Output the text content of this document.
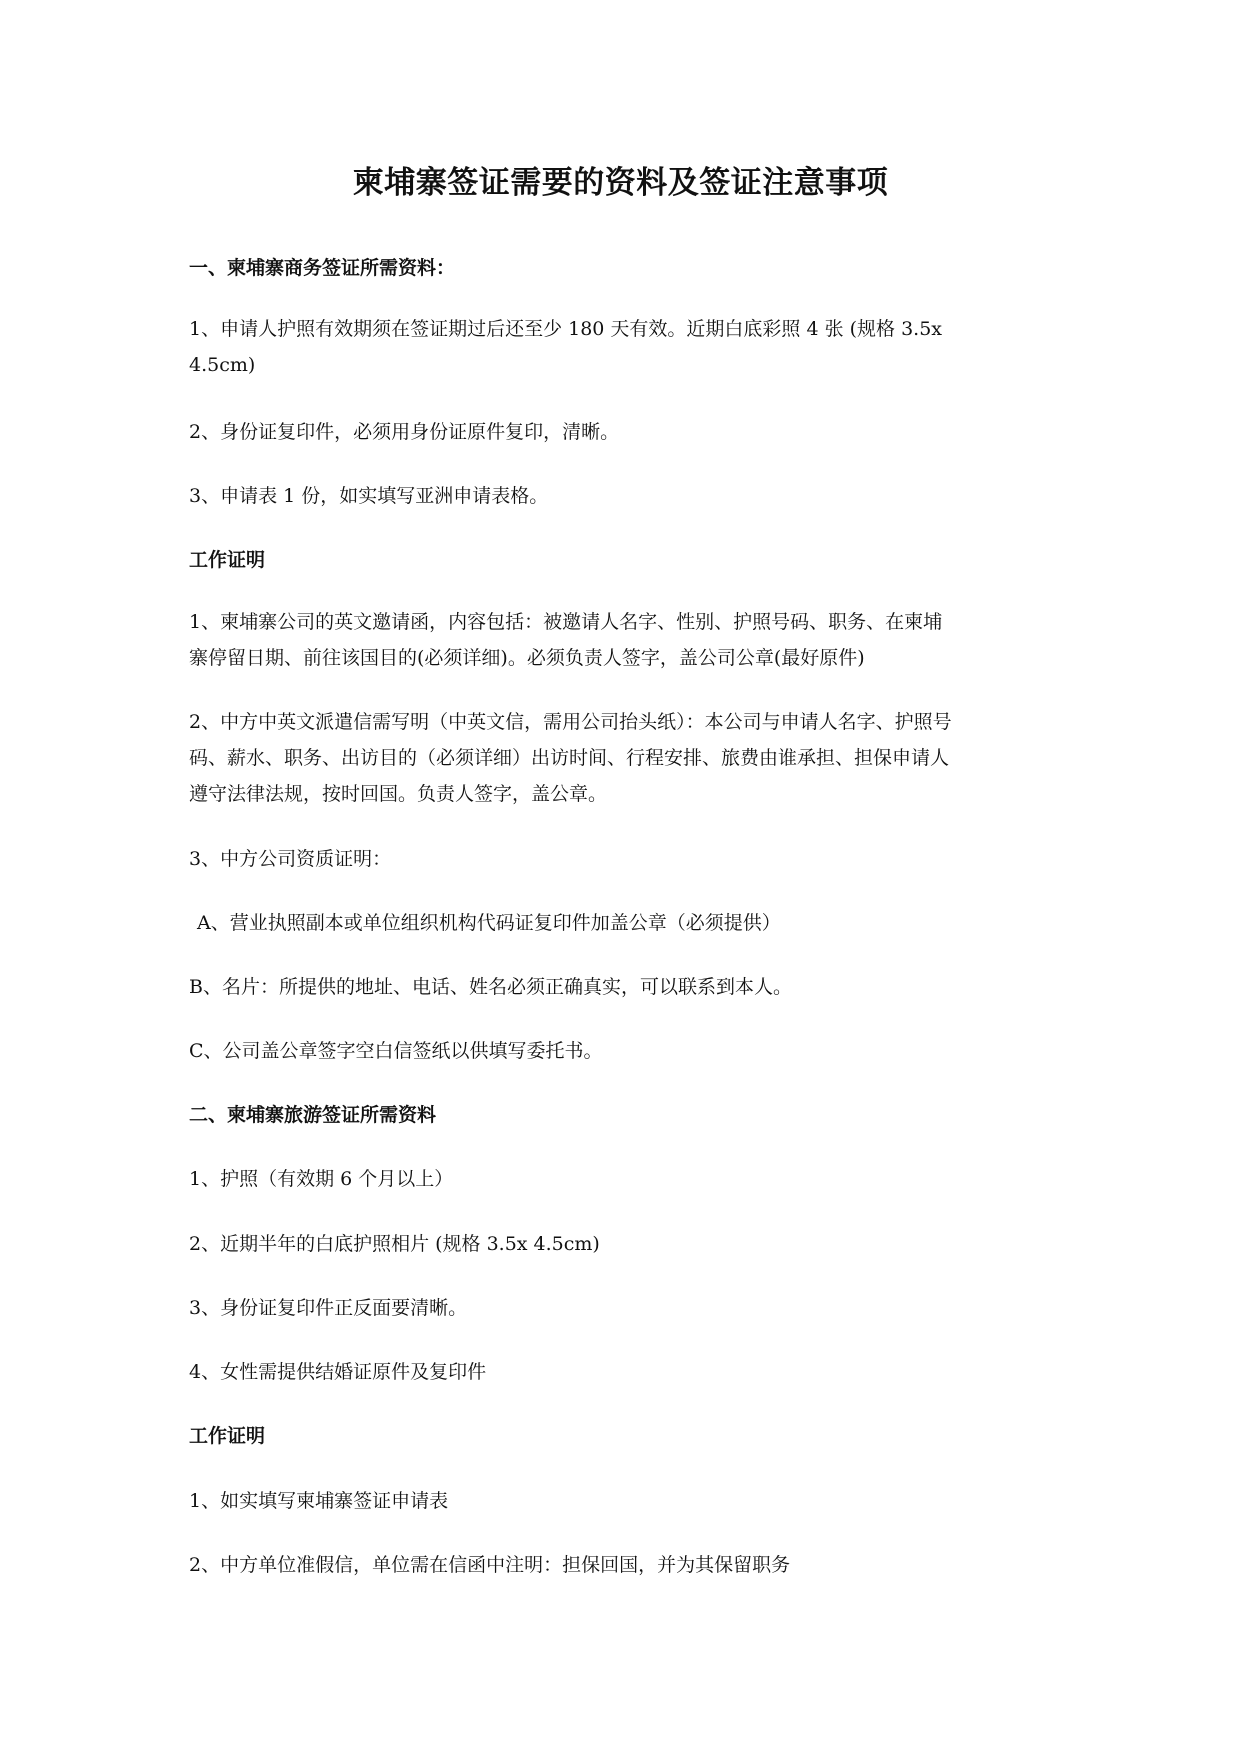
柬埔寨签证需要的资料及签证注意事项
一、柬埔寨商务签证所需资料：
1、申请人护照有效期须在签证期过后还至少 180 天有效。近期白底彩照 4 张 (规格 3.5x
4.5cm)
2、身份证复印件，必须用身份证原件复印，清晰。
3、申请表 1 份，如实填写亚洲申请表格。
工作证明
1、柬埔寨公司的英文邀请函，内容包括：被邀请人名字、性别、护照号码、职务、在柬埔
寨停留日期、前往该国目的(必须详细)。必须负责人签字，盖公司公章(最好原件)
2、中方中英文派遣信需写明（中英文信，需用公司抬头纸）：本公司与申请人名字、护照号
码、薪水、职务、出访目的（必须详细）出访时间、行程安排、旅费由谁承担、担保申请人
遵守法律法规，按时回国。负责人签字，盖公章。
3、中方公司资质证明：
A、营业执照副本或单位组织机构代码证复印件加盖公章（必须提供）
B、名片：所提供的地址、电话、姓名必须正确真实，可以联系到本人。
C、公司盖公章签字空白信签纸以供填写委托书。
二、柬埔寨旅游签证所需资料
1、护照（有效期 6 个月以上）
2、近期半年的白底护照相片 (规格 3.5x 4.5cm)
3、身份证复印件正反面要清晰。
4、女性需提供结婚证原件及复印件
工作证明
1、如实填写柬埔寨签证申请表
2、中方单位准假信，单位需在信函中注明：担保回国，并为其保留职务
